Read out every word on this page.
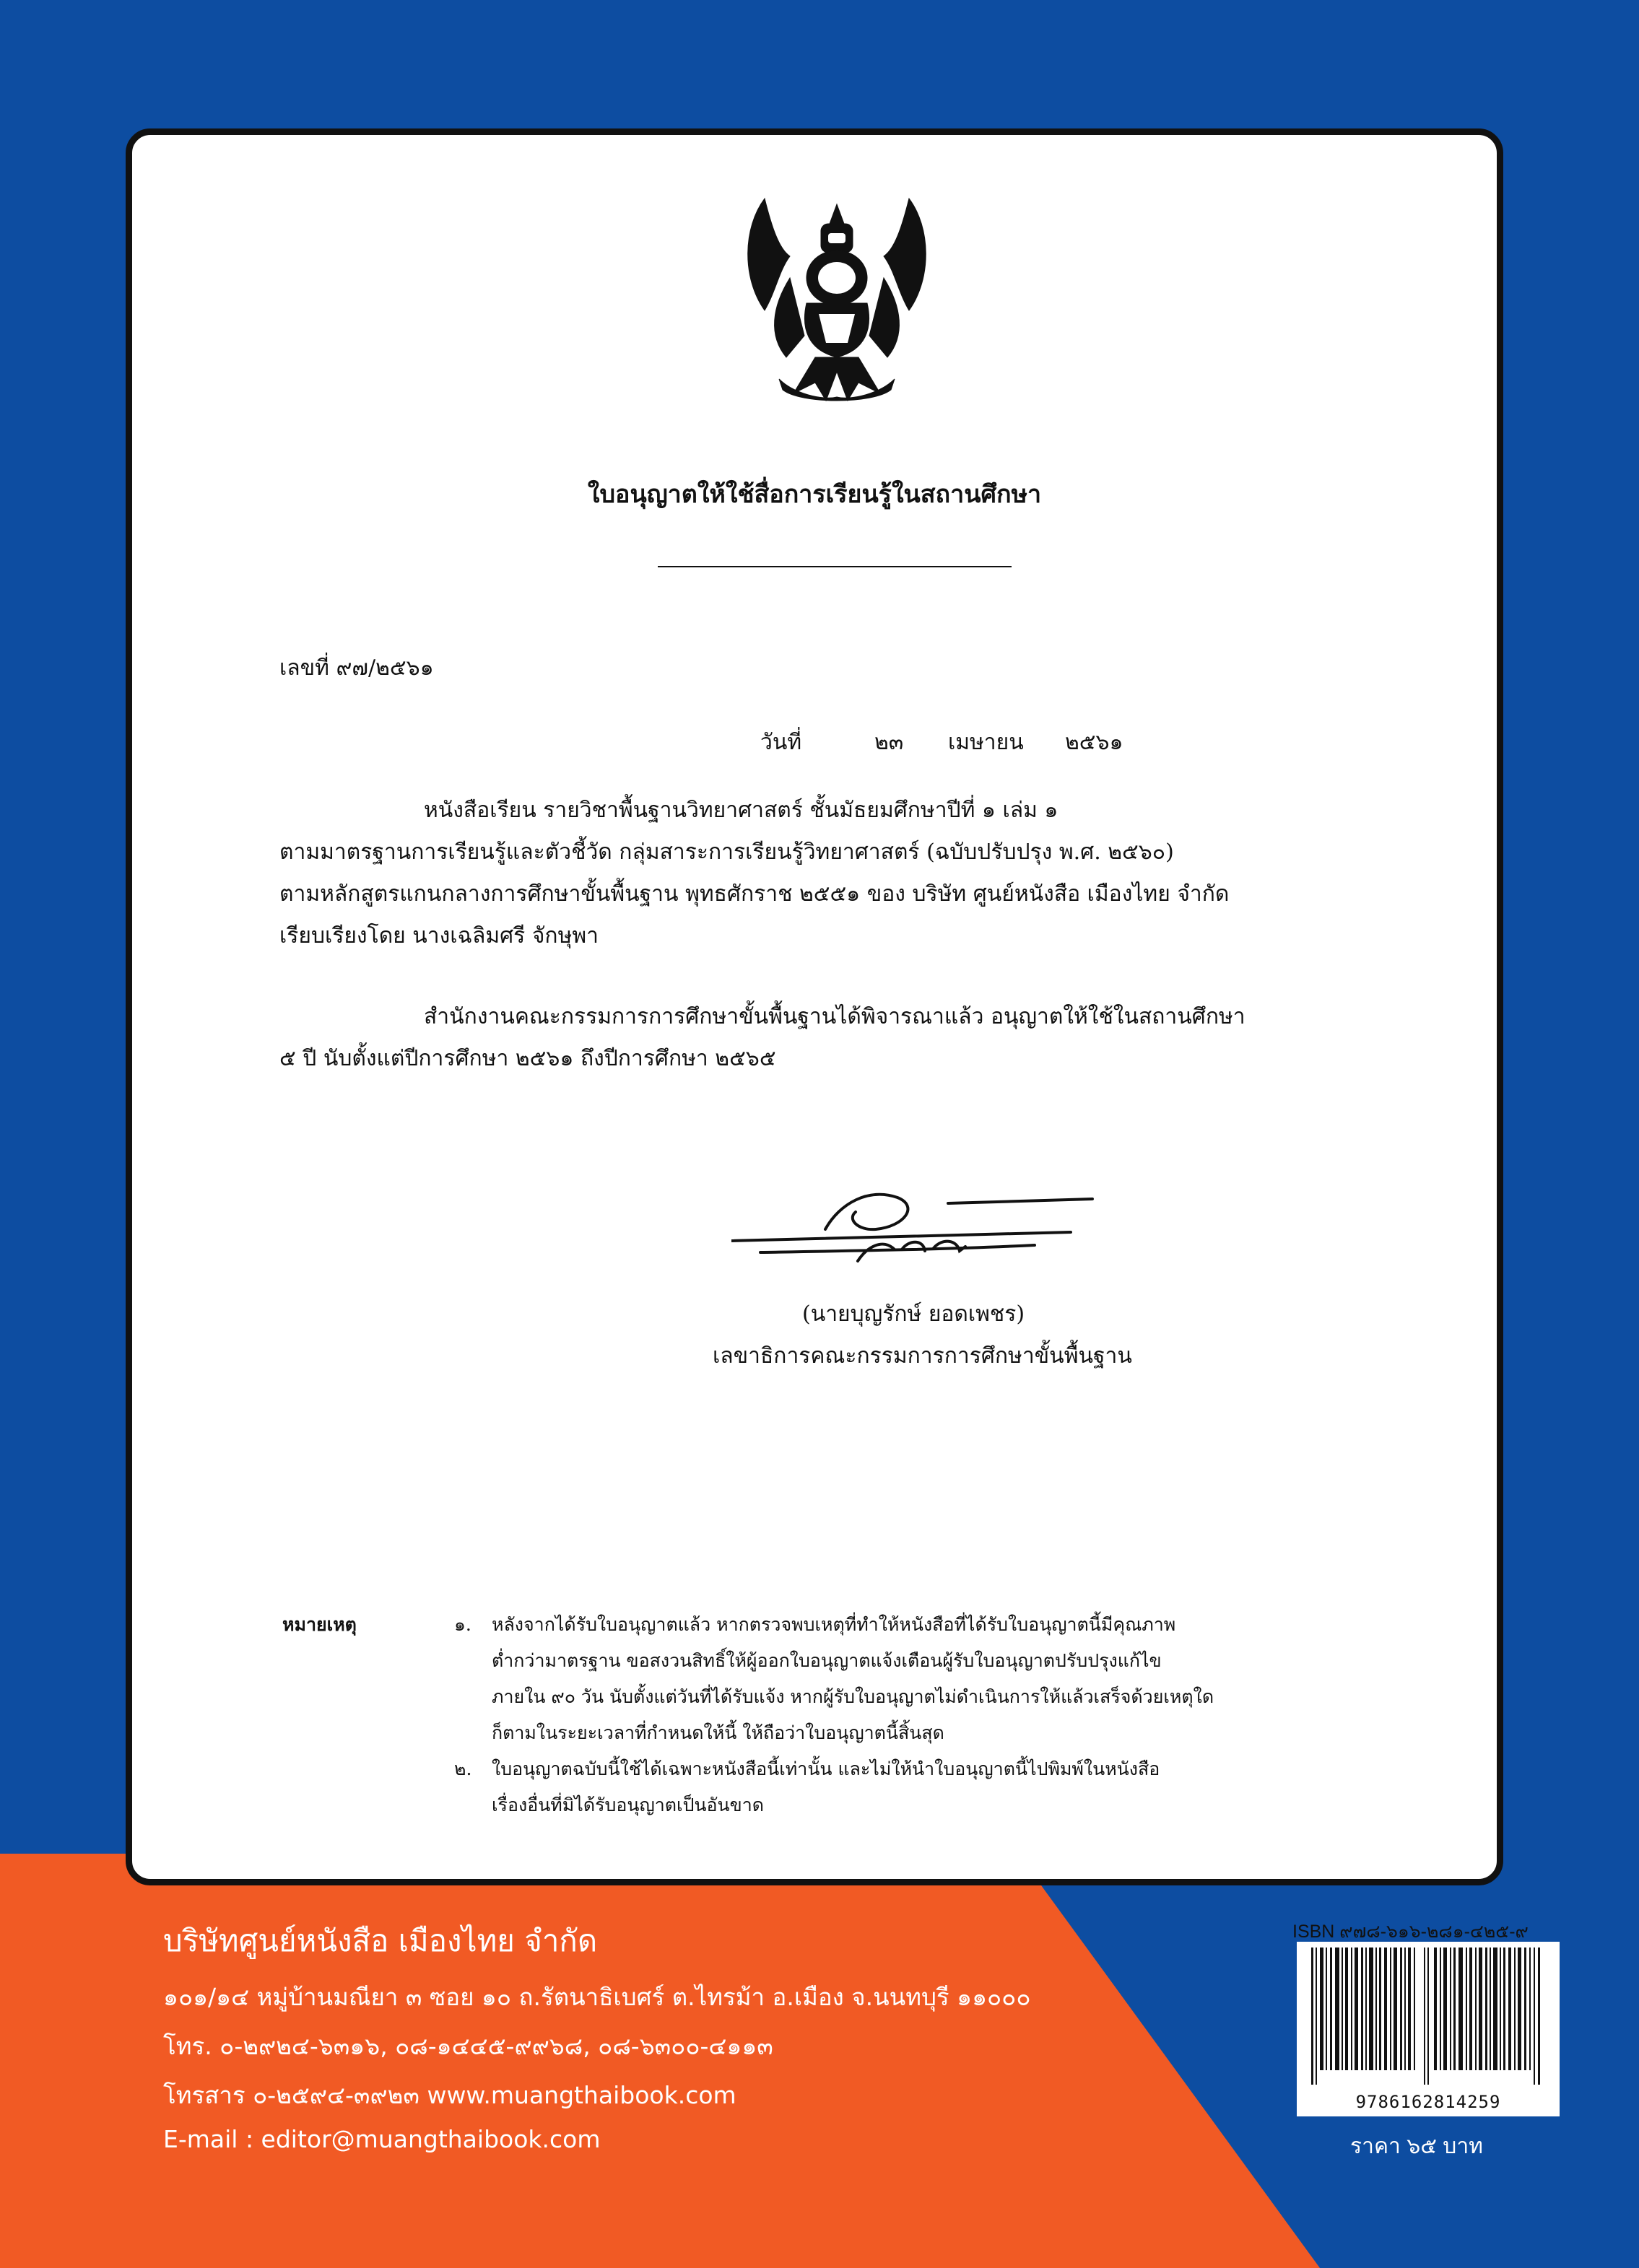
ใบอนุญาตให้ใช้สื่อการเรียนรู้ในสถานศึกษา
เลขที่ ๙๗/๒๕๖๑
วันที่	๒๓ เมษายน ๒๕๖๑
หนังสือเรียน รายวิชาพื้นฐานวิทยาศาสตร์ ชั้นมัธยมศึกษาปีที่ ๑ เล่ม ๑
ตามมาตรฐานการเรียนรู้และตัวชี้วัด กลุ่มสาระการเรียนรู้วิทยาศาสตร์ (ฉบับปรับปรุง พ.ศ. ๒๕๖๐)
ตามหลักสูตรแกนกลางการศึกษาขั้นพื้นฐาน พุทธศักราช ๒๕๕๑ ของ บริษัท ศูนย์หนังสือ เมืองไทย จำกัด
เรียบเรียงโดย นางเฉลิมศรี จักษุพา
สำนักงานคณะกรรมการการศึกษาขั้นพื้นฐานได้พิจารณาแล้ว อนุญาตให้ใช้ในสถานศึกษา
๕ ปี นับตั้งแต่ปีการศึกษา ๒๕๖๑ ถึงปีการศึกษา ๒๕๖๕
(นายบุญรักษ์ ยอดเพชร)
เลขาธิการคณะกรรมการการศึกษาขั้นพื้นฐาน
หมายเหตุ	๑. หลังจากได้รับใบอนุญาตแล้ว หากตรวจพบเหตุที่ทำให้หนังสือที่ได้รับใบอนุญาตนี้มีคุณภาพ
ต่ำกว่ามาตรฐาน ขอสงวนสิทธิ์ให้ผู้ออกใบอนุญาตแจ้งเตือนผู้รับใบอนุญาตปรับปรุงแก้ไข
ภายใน ๙๐ วัน นับตั้งแต่วันที่ได้รับแจ้ง หากผู้รับใบอนุญาตไม่ดำเนินการให้แล้วเสร็จด้วยเหตุใด
ก็ตามในระยะเวลาที่กำหนดให้นี้ ให้ถือว่าใบอนุญาตนี้สิ้นสุด
๒. ใบอนุญาตฉบับนี้ใช้ได้เฉพาะหนังสือนี้เท่านั้น และไม่ให้นำใบอนุญาตนี้ไปพิมพ์ในหนังสือ
เรื่องอื่นที่มิได้รับอนุญาตเป็นอันขาด
บริษัทศูนย์หนังสือ เมืองไทย จำกัด
๑๐๑/๑๔ หมู่บ้านมณียา ๓ ซอย ๑๐ ถ.รัตนาธิเบศร์ ต.ไทรม้า อ.เมือง จ.นนทบุรี ๑๑๐๐๐
โทร. ๐-๒๙๒๔-๖๓๑๖, ๐๘-๑๔๔๕-๙๙๖๘, ๐๘-๖๓๐๐-๔๑๑๓
โทรสาร ๐-๒๕๙๔-๓๙๒๓ www.muangthaibook.com
E-mail : editor@muangthaibook.com
ISBN ๙๗๘-๖๑๖-๒๘๑-๔๒๕-๙
9786162814259
ราคา ๖๕ บาท
